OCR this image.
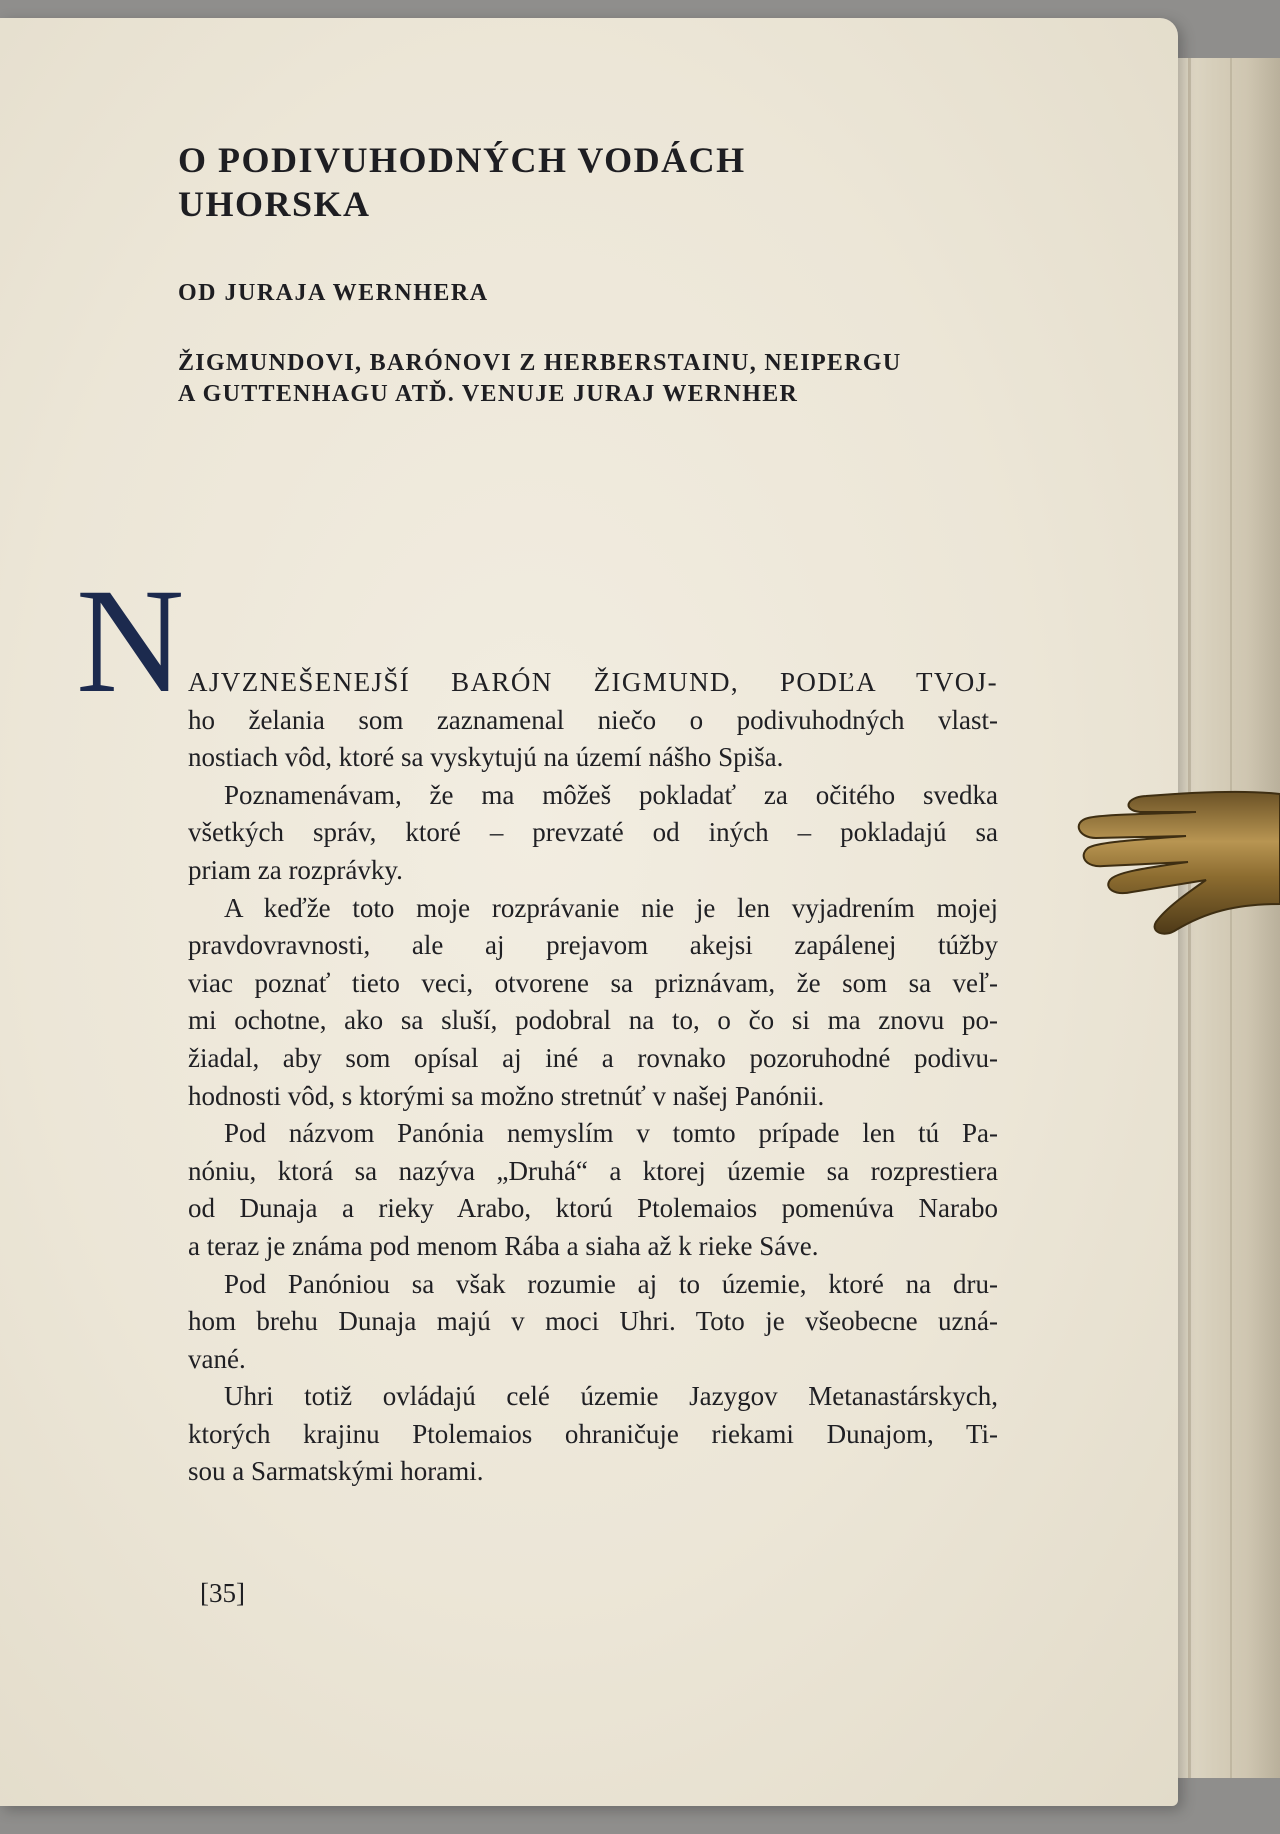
O PODIVUHODNÝCH VODÁCH
UHORSKA

OD JURAJA WERNHERA

ŽIGMUNDOVI, BARÓNOVI Z HERBERSTAINU, NEIPERGU
A GUTTENHAGU ATĎ. VENUJE JURAJ WERNHER

N AJVZNEŠENEJŠÍ BARÓN ŽIGMUND, PODĽA TVOJ-
ho želania som zaznamenal niečo o podivuhodných vlast-
nostiach vôd, ktoré sa vyskytujú na území nášho Spiša.
Poznamenávam, že ma môžeš pokladať za očitého svedka
všetkých správ, ktoré – prevzaté od iných – pokladajú sa
priam za rozprávky.
A keďže toto moje rozprávanie nie je len vyjadrením mojej
pravdovravnosti, ale aj prejavom akejsi zapálenej túžby
viac poznať tieto veci, otvorene sa priznávam, že som sa veľ-
mi ochotne, ako sa sluší, podobral na to, o čo si ma znovu po-
žiadal, aby som opísal aj iné a rovnako pozoruhodné podivu-
hodnosti vôd, s ktorými sa možno stretnúť v našej Panónii.
Pod názvom Panónia nemyslím v tomto prípade len tú Pa-
nóniu, ktorá sa nazýva „Druhá“ a ktorej územie sa rozprestiera
od Dunaja a rieky Arabo, ktorú Ptolemaios pomenúva Narabo
a teraz je známa pod menom Rába a siaha až k rieke Sáve.
Pod Panóniou sa však rozumie aj to územie, ktoré na dru-
hom brehu Dunaja majú v moci Uhri. Toto je všeobecne uzná-
vané.
Uhri totiž ovládajú celé územie Jazygov Metanastárskych,
ktorých krajinu Ptolemaios ohraničuje riekami Dunajom, Ti-
sou a Sarmatskými horami.
[35]
